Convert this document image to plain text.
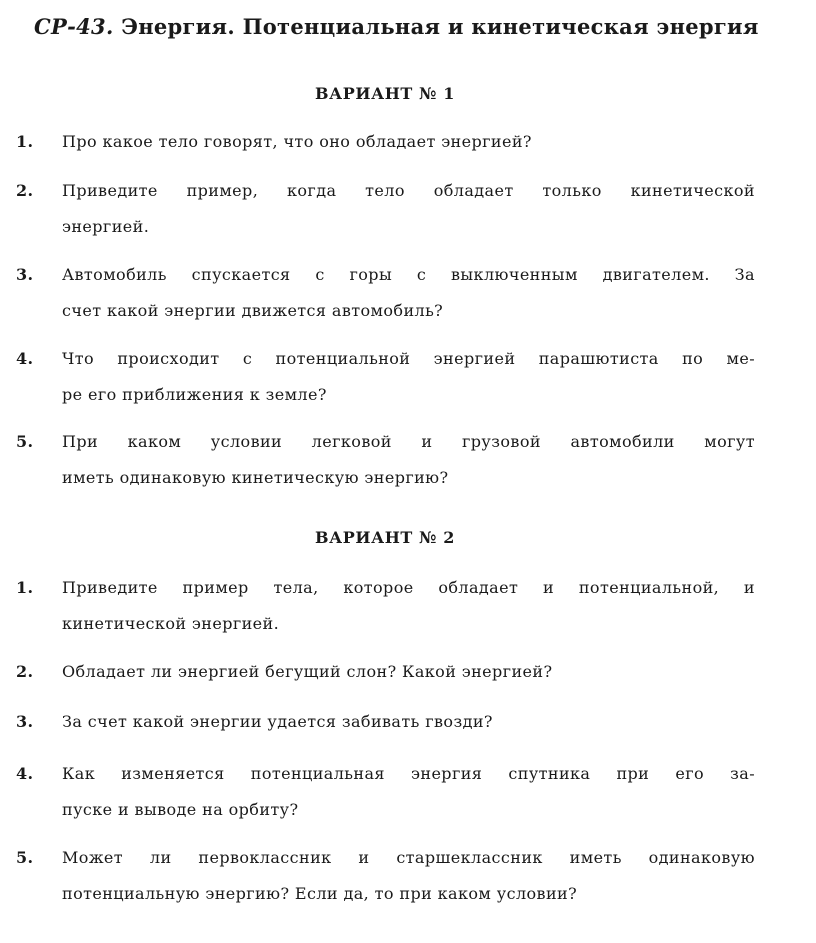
СР-43. Энергия. Потенциальная и кинетическая энергия
ВАРИАНТ № 1
1. Про какое тело говорят, что оно обладает энергией?
2. Приведите пример, когда тело обладает только кинетической
энергией.
3. Автомобиль спускается с горы с выключенным двигателем. За
счет какой энергии движется автомобиль?
4. Что происходит с потенциальной энергией парашютиста по ме-
ре его приближения к земле?
5. При каком условии легковой и грузовой автомобили могут
иметь одинаковую кинетическую энергию?
ВАРИАНТ № 2
1. Приведите пример тела, которое обладает и потенциальной, и
кинетической энергией.
2. Обладает ли энергией бегущий слон? Какой энергией?
3. За счет какой энергии удается забивать гвозди?
4. Как изменяется потенциальная энергия спутника при его за-
пуске и выводе на орбиту?
5. Может ли первоклассник и старшеклассник иметь одинаковую
потенциальную энергию? Если да, то при каком условии?
